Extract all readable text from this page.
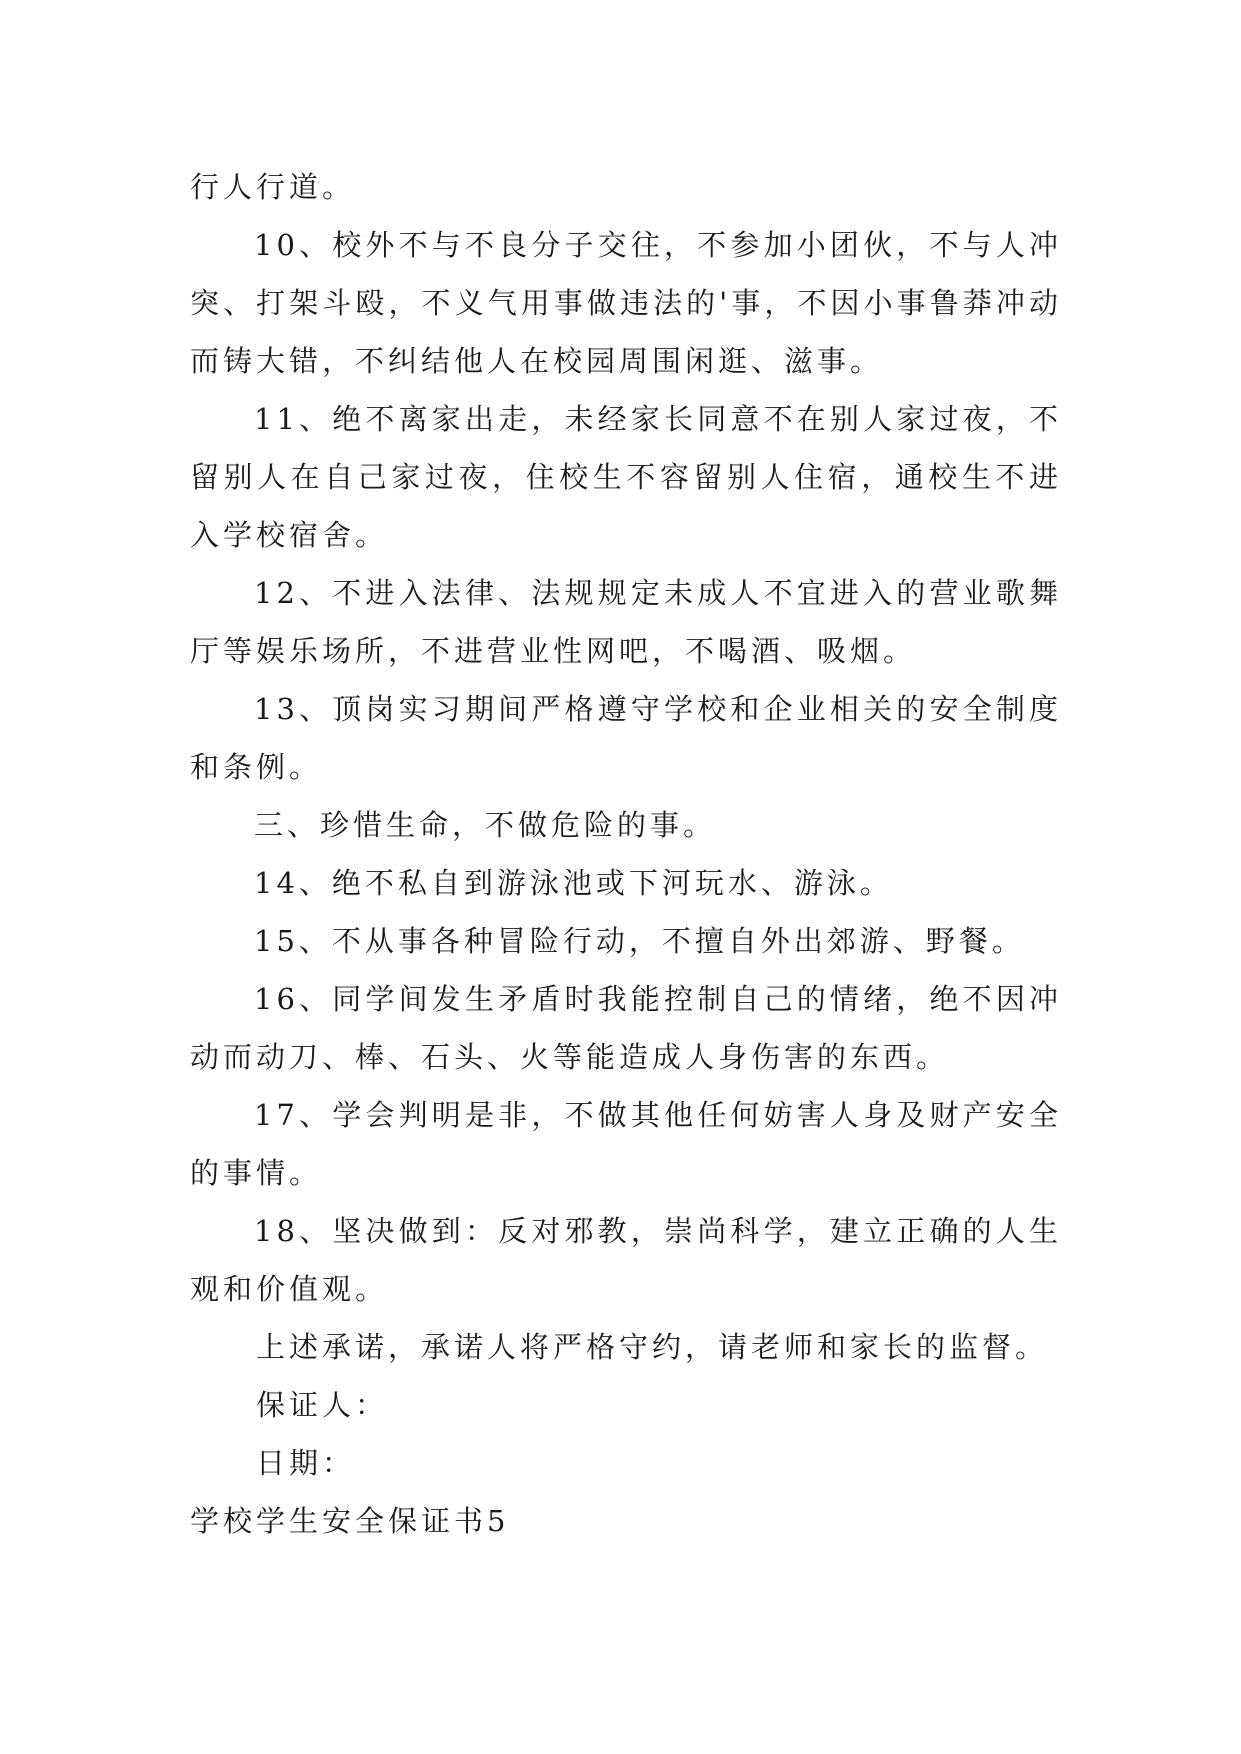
行人行道。

10、校外不与不良分子交往，不参加小团伙，不与人冲突、打架斗殴，不义气用事做违法的'事，不因小事鲁莽冲动而铸大错，不纠结他人在校园周围闲逛、滋事。

11、绝不离家出走，未经家长同意不在别人家过夜，不留别人在自己家过夜，住校生不容留别人住宿，通校生不进入学校宿舍。

12、不进入法律、法规规定未成人不宜进入的营业歌舞厅等娱乐场所，不进营业性网吧，不喝酒、吸烟。

13、顶岗实习期间严格遵守学校和企业相关的安全制度和条例。

三、珍惜生命，不做危险的事。

14、绝不私自到游泳池或下河玩水、游泳。

15、不从事各种冒险行动，不擅自外出郊游、野餐。

16、同学间发生矛盾时我能控制自己的情绪，绝不因冲动而动刀、棒、石头、火等能造成人身伤害的东西。

17、学会判明是非，不做其他任何妨害人身及财产安全的事情。

18、坚决做到：反对邪教，崇尚科学，建立正确的人生观和价值观。

上述承诺，承诺人将严格守约，请老师和家长的监督。

保证人：

日期：

学校学生安全保证书5
